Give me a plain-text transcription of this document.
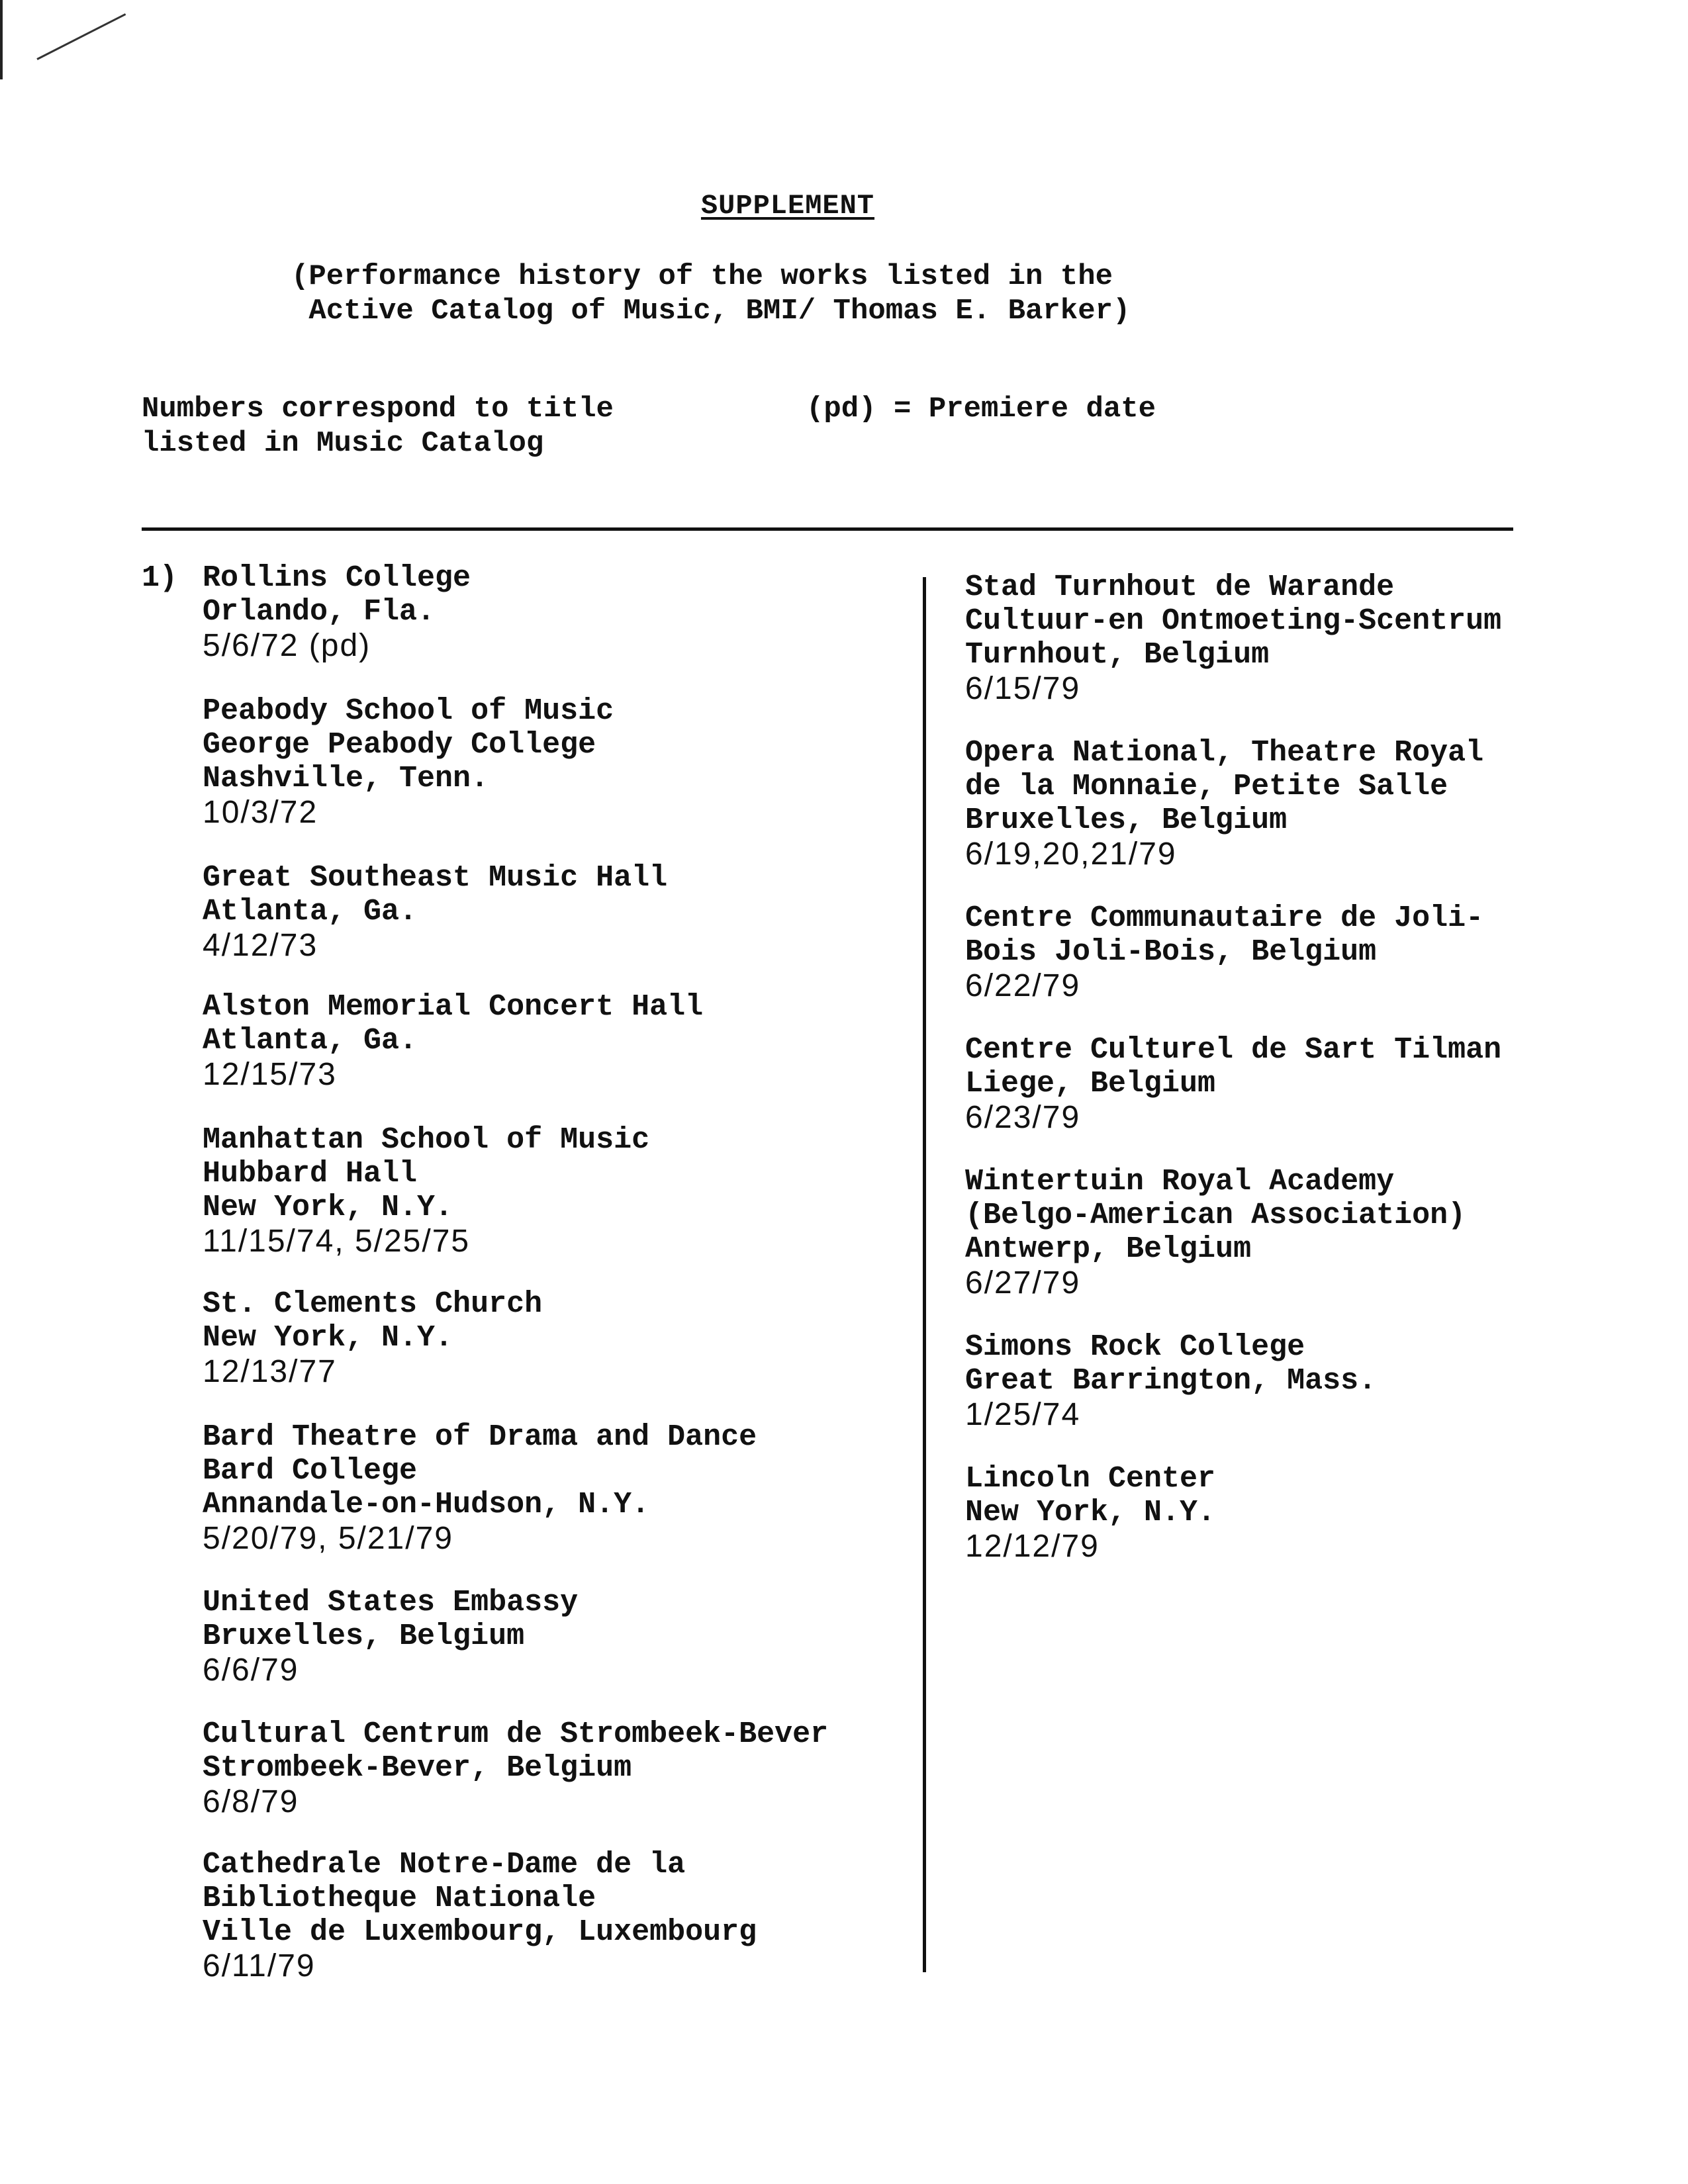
SUPPLEMENT
(Performance history of the works listed in the
Active Catalog of Music, BMI/ Thomas E. Barker)
Numbers correspond to title
listed in Music Catalog
(pd) = Premiere date
1) Rollins College
Orlando, Fla.
5/6/72 (pd)
Peabody School of Music
George Peabody College
Nashville, Tenn.
10/3/72
Great Southeast Music Hall
Atlanta, Ga.
4/12/73
Alston Memorial Concert Hall
Atlanta, Ga.
12/15/73
Manhattan School of Music
Hubbard Hall
New York, N.Y.
11/15/74, 5/25/75
St. Clements Church
New York, N.Y.
12/13/77
Bard Theatre of Drama and Dance
Bard College
Annandale-on-Hudson, N.Y.
5/20/79, 5/21/79
United States Embassy
Bruxelles, Belgium
6/6/79
Cultural Centrum de Strombeek-Bever
Strombeek-Bever, Belgium
6/8/79
Cathedrale Notre-Dame de la
Bibliotheque Nationale
Ville de Luxembourg, Luxembourg
6/11/79
Stad Turnhout de Warande
Cultuur-en Ontmoeting-Scentrum
Turnhout, Belgium
6/15/79
Opera National, Theatre Royal
de la Monnaie, Petite Salle
Bruxelles, Belgium
6/19,20,21/79
Centre Communautaire de Joli-
Bois Joli-Bois, Belgium
6/22/79
Centre Culturel de Sart Tilman
Liege, Belgium
6/23/79
Wintertuin Royal Academy
(Belgo-American Association)
Antwerp, Belgium
6/27/79
Simons Rock College
Great Barrington, Mass.
1/25/74
Lincoln Center
New York, N.Y.
12/12/79
